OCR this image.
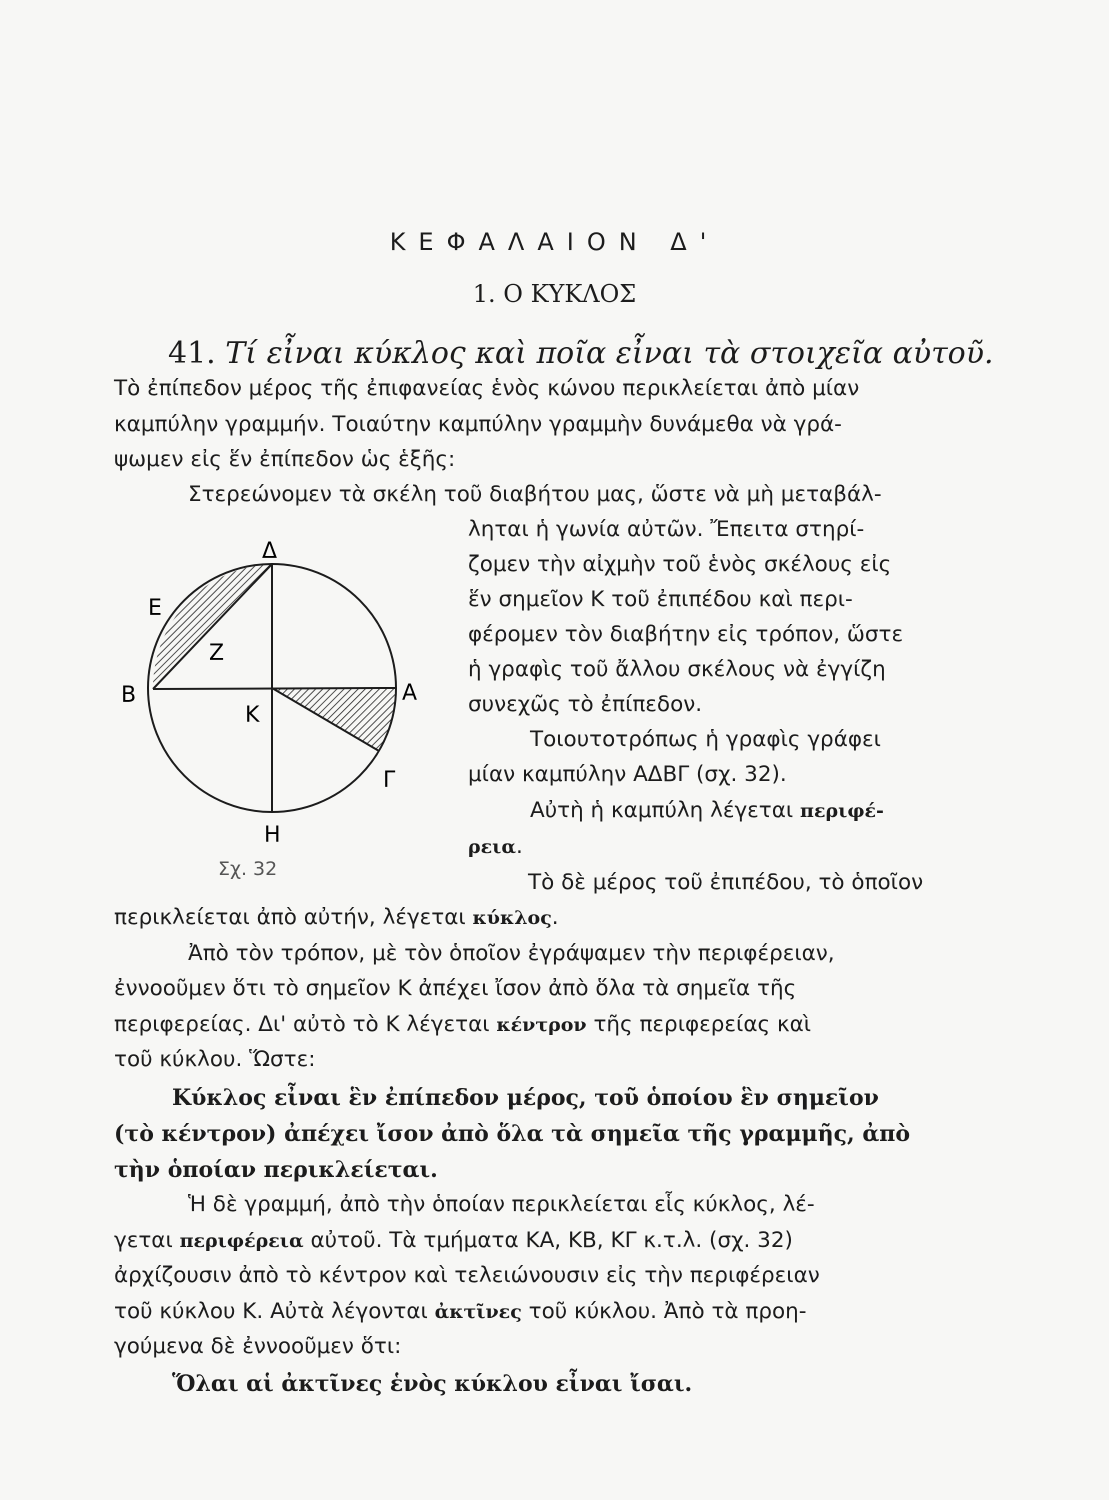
ΚΕΦΑΛΑΙΟΝ Δ'
1. Ο ΚΥΚΛΟΣ
41. Τί εἶναι κύκλος καὶ ποῖα εἶναι τὰ στοιχεῖα αὐτοῦ.
Τὸ ἐπίπεδον μέρος τῆς ἐπιφανείας ἑνὸς κώνου περικλείεται ἀπὸ μίαν
καμπύλην γραμμήν. Τοιαύτην καμπύλην γραμμὴν δυνάμεθα νὰ γρά-
ψωμεν εἰς ἕν ἐπίπεδον ὡς ἑξῆς:
Στερεώνομεν τὰ σκέλη τοῦ διαβήτου μας, ὥστε νὰ μὴ μεταβάλ-
ληται ἡ γωνία αὐτῶν. Ἔπειτα στηρί-
ζομεν τὴν αἰχμὴν τοῦ ἑνὸς σκέλους εἰς
ἕν σημεῖον Κ τοῦ ἐπιπέδου καὶ περι-
φέρομεν τὸν διαβήτην εἰς τρόπον, ὥστε
ἡ γραφὶς τοῦ ἄλλου σκέλους νὰ ἐγγίζη
συνεχῶς τὸ ἐπίπεδον.
Τοιουτοτρόπως ἡ γραφὶς γράφει
μίαν καμπύλην ΑΔΒΓ (σχ. 32).
Αὐτὴ ἡ καμπύλη λέγεται περιφέ-
ρεια.
Τὸ δὲ μέρος τοῦ ἐπιπέδου, τὸ ὁποῖον
περικλείεται ἀπὸ αὐτήν, λέγεται κύκλος.
Ἀπὸ τὸν τρόπον, μὲ τὸν ὁποῖον ἐγράψαμεν τὴν περιφέρειαν,
ἐννοοῦμεν ὅτι τὸ σημεῖον Κ ἀπέχει ἴσον ἀπὸ ὅλα τὰ σημεῖα τῆς
περιφερείας. Δι' αὐτὸ τὸ Κ λέγεται κέντρον τῆς περιφερείας καὶ
τοῦ κύκλου. Ὥστε:
Κύκλος εἶναι ἓν ἐπίπεδον μέρος, τοῦ ὁποίου ἓν σημεῖον
(τὸ κέντρον) ἀπέχει ἴσον ἀπὸ ὅλα τὰ σημεῖα τῆς γραμμῆς, ἀπὸ
τὴν ὁποίαν περικλείεται.
Ἡ δὲ γραμμή, ἀπὸ τὴν ὁποίαν περικλείεται εἷς κύκλος, λέ-
γεται περιφέρεια αὐτοῦ. Τὰ τμήματα ΚΑ, ΚΒ, ΚΓ κ.τ.λ. (σχ. 32)
ἀρχίζουσιν ἀπὸ τὸ κέντρον καὶ τελειώνουσιν εἰς τὴν περιφέρειαν
τοῦ κύκλου Κ. Αὐτὰ λέγονται ἀκτῖνες τοῦ κύκλου. Ἀπὸ τὰ προη-
γούμενα δὲ ἐννοοῦμεν ὅτι:
Ὅλαι αἱ ἀκτῖνες ἑνὸς κύκλου εἶναι ἴσαι.
Δ
Ε
Ζ
Β
Κ
Α
Γ
Η
Σχ. 32
